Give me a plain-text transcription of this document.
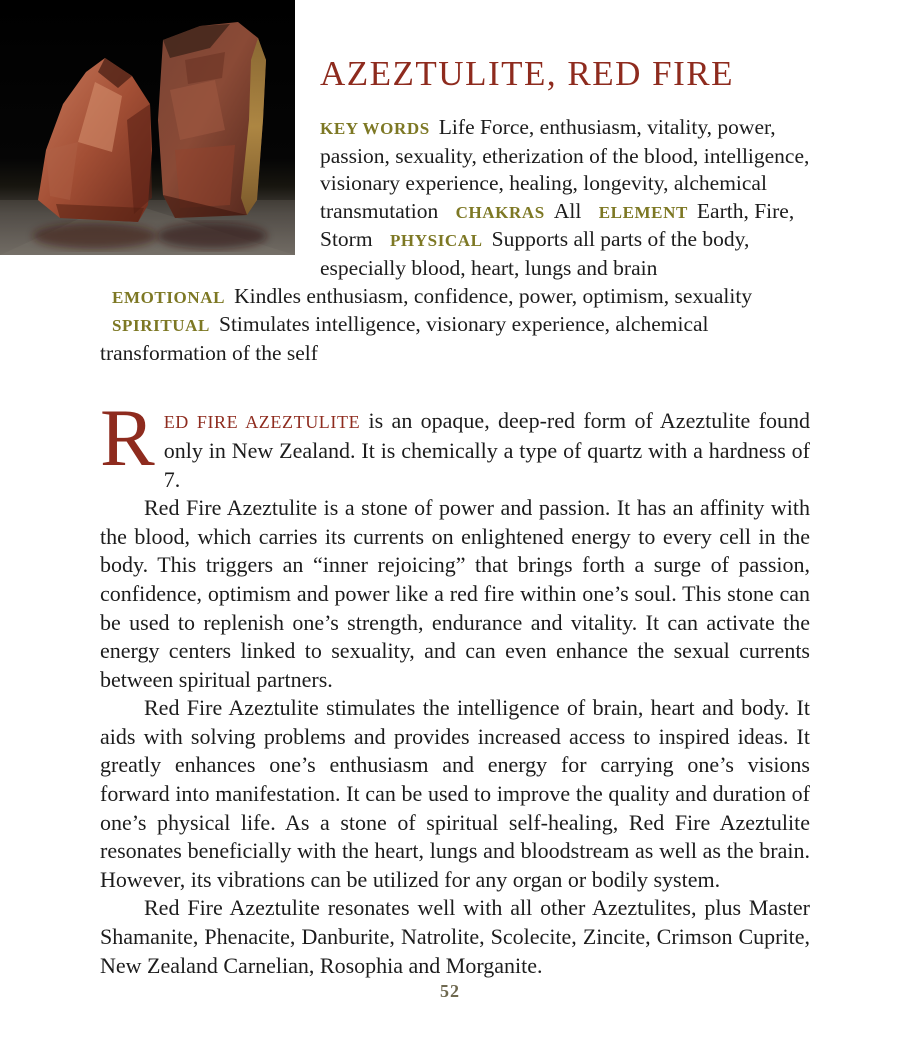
AZEZTULITE, RED FIRE
KEY WORDS Life Force, enthusiasm, vitality, power, passion, sexuality, etherization of the blood, intelligence, visionary experience, healing, longevity, alchemical transmutation CHAKRAS All ELEMENT Earth, Fire, Storm PHYSICAL Supports all parts of the body, especially blood, heart, lungs and brain EMOTIONAL Kindles enthusiasm, confidence, power, optimism, sexuality SPIRITUAL Stimulates intelligence, visionary experience, alchemical transformation of the self

RED FIRE AZEZTULITE is an opaque, deep-red form of Azeztulite found only in New Zealand. It is chemically a type of quartz with a hardness of 7.

Red Fire Azeztulite is a stone of power and passion. It has an affinity with the blood, which carries its currents on enlightened energy to every cell in the body. This triggers an “inner rejoicing” that brings forth a surge of passion, confidence, optimism and power like a red fire within one’s soul. This stone can be used to replenish one’s strength, endurance and vitality. It can activate the energy centers linked to sexuality, and can even enhance the sexual currents between spiritual partners.

Red Fire Azeztulite stimulates the intelligence of brain, heart and body. It aids with solving problems and provides increased access to inspired ideas. It greatly enhances one’s enthusiasm and energy for carrying one’s visions forward into manifestation. It can be used to improve the quality and duration of one’s physical life. As a stone of spiritual self-healing, Red Fire Azeztulite resonates beneficially with the heart, lungs and bloodstream as well as the brain. However, its vibrations can be utilized for any organ or bodily system.

Red Fire Azeztulite resonates well with all other Azeztulites, plus Master Shamanite, Phenacite, Danburite, Natrolite, Scolecite, Zincite, Crimson Cuprite, New Zealand Carnelian, Rosophia and Morganite.

52
